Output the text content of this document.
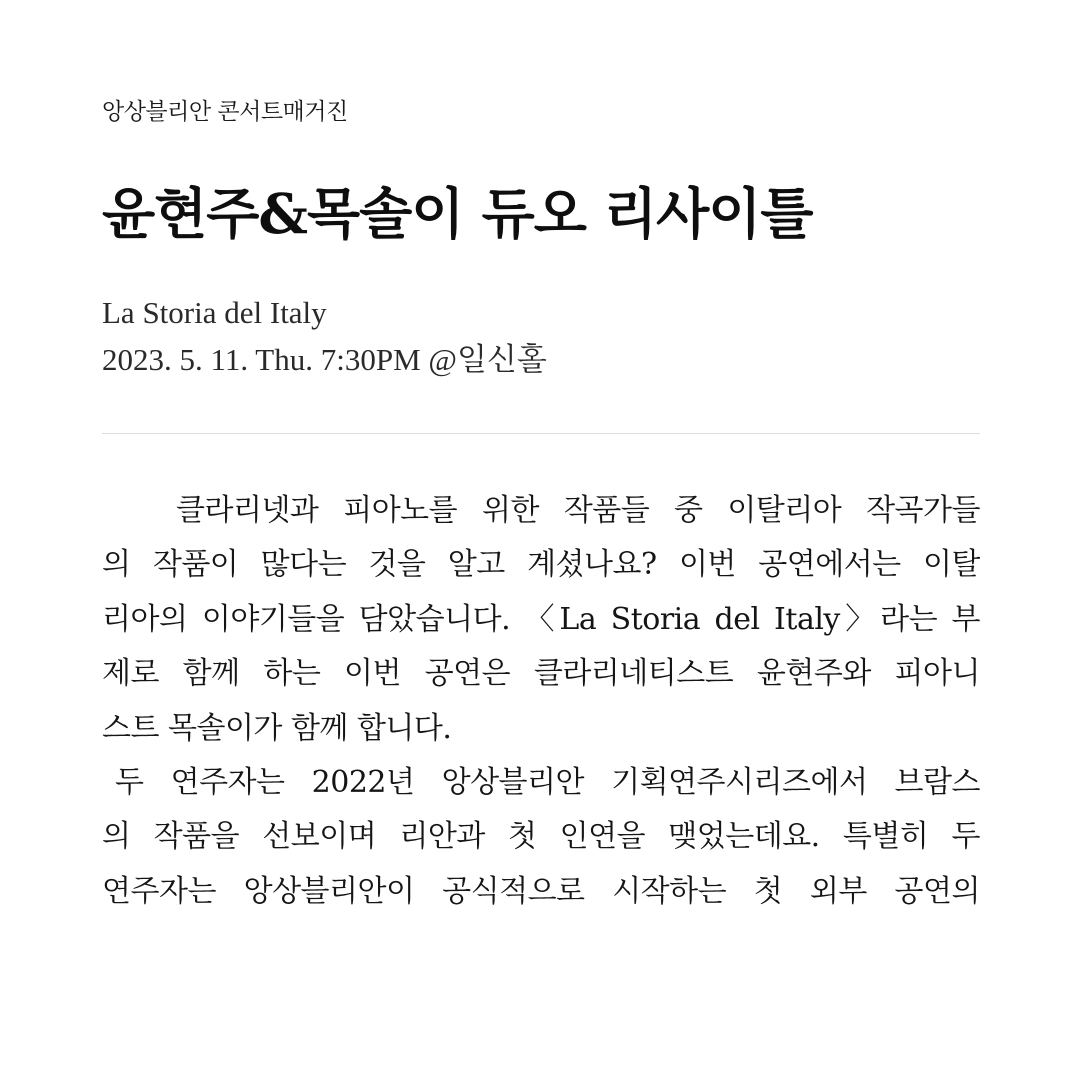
앙상블리안 콘서트매거진
윤현주&목솔이 듀오 리사이틀
La Storia del Italy
2023. 5. 11. Thu. 7:30PM @일신홀
클라리넷과 피아노를 위한 작품들 중 이탈리아 작곡가들
의 작품이 많다는 것을 알고 계셨나요? 이번 공연에서는 이탈
리아의 이야기들을 담았습니다. 〈La Storia del Italy〉라는 부
제로 함께 하는 이번 공연은 클라리네티스트 윤현주와 피아니
스트 목솔이가 함께 합니다.
두 연주자는 2022년 앙상블리안 기획연주시리즈에서 브람스
의 작품을 선보이며 리안과 첫 인연을 맺었는데요. 특별히 두
연주자는 앙상블리안이 공식적으로 시작하는 첫 외부 공연의
